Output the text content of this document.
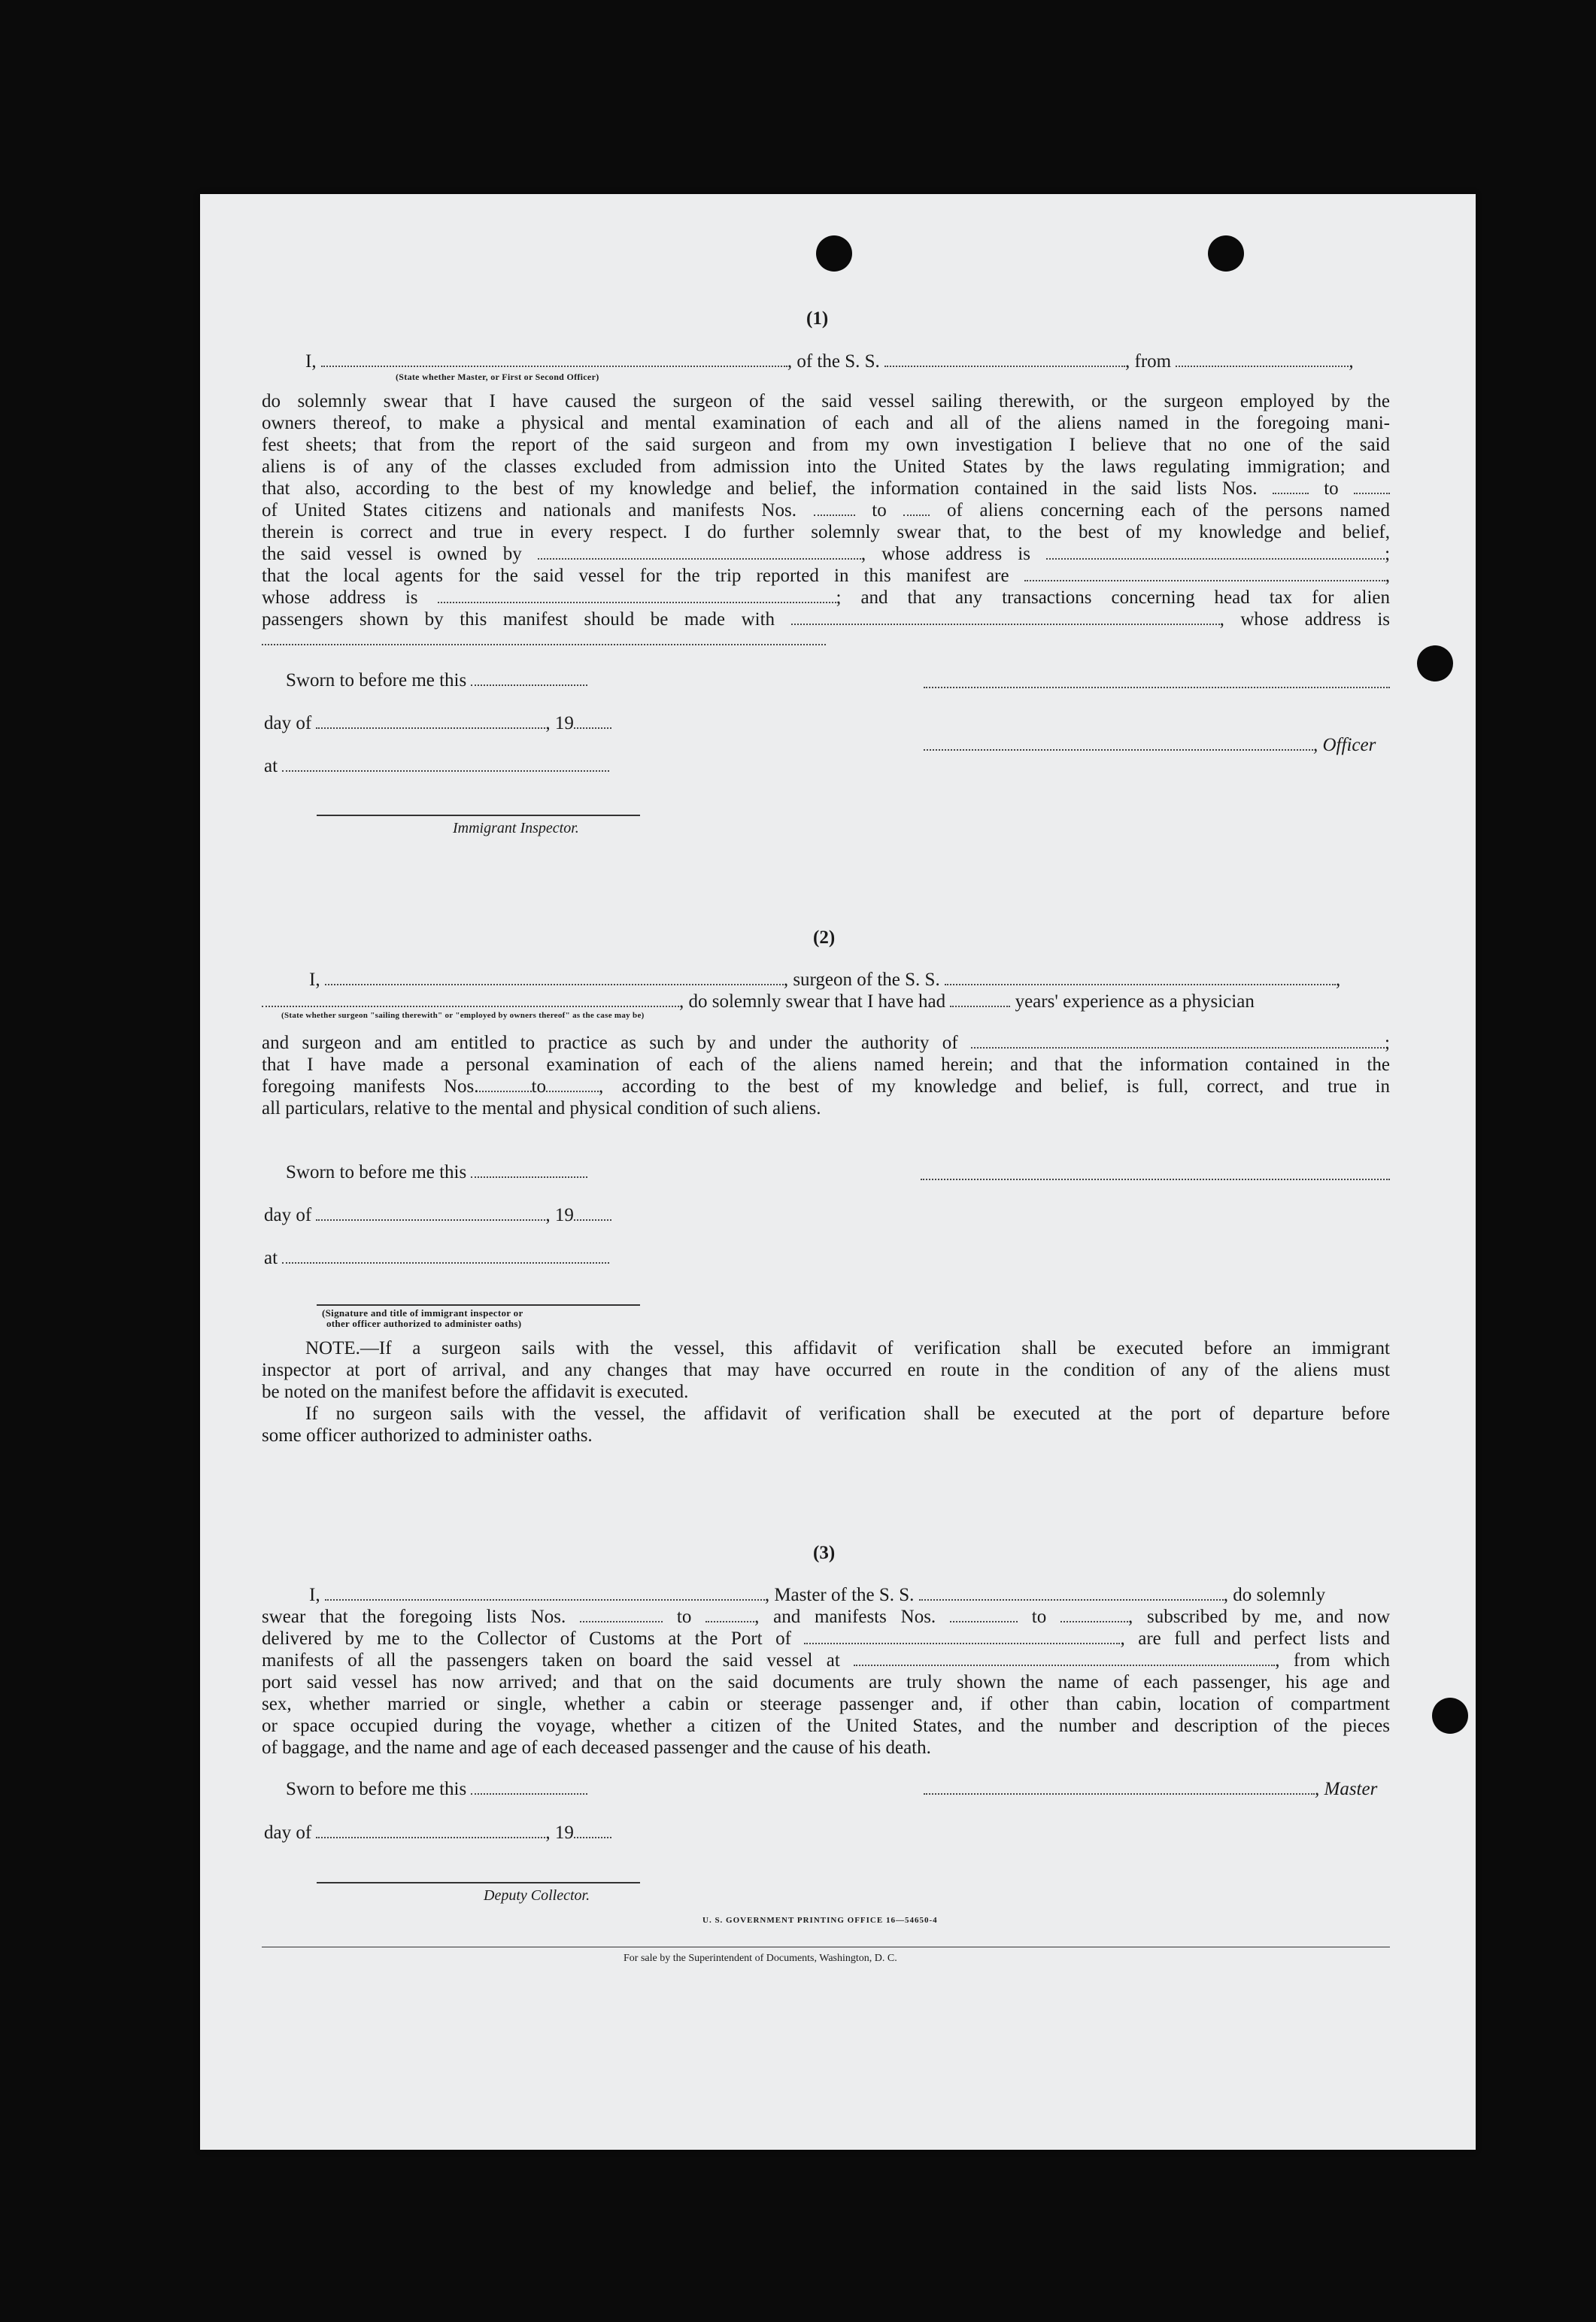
(1)
I,	, of the S. S.	, from	,
(State whether Master, or First or Second Officer)
do solemnly swear that I have caused the surgeon of the said vessel sailing therewith, or the surgeon employed by the
owners thereof, to make a physical and mental examination of each and all of the aliens named in the foregoing mani-
fest sheets; that from the report of the said surgeon and from my own investigation I believe that no one of the said
aliens is of any of the classes excluded from admission into the United States by the laws regulating immigration; and
that also, according to the best of my knowledge and belief, the information contained in the said lists Nos.	to
of United States citizens and nationals and manifests Nos.	to	of aliens concerning each of the persons named
therein is correct and true in every respect. I do further solemnly swear that, to the best of my knowledge and belief,
the said vessel is owned by	, whose address is	;
that the local agents for the said vessel for the trip reported in this manifest are	,
whose address is	; and that any transactions concerning head tax for alien
passengers shown by this manifest should be made with	, whose address is
Sworn to before me this
day of	, 19
, Officer
at
Immigrant Inspector.
(2)
I,	, surgeon of the S. S.	,
, do solemnly swear that I have had	years' experience as a physician
(State whether surgeon "sailing therewith" or "employed by owners thereof" as the case may be)
and surgeon and am entitled to practice as such by and under the authority of	;
that I have made a personal examination of each of the aliens named herein; and that the information contained in the
foregoing manifests Nos.	to	, according to the best of my knowledge and belief, is full, correct, and true in
all particulars, relative to the mental and physical condition of such aliens.
Sworn to before me this
day of	, 19
at
(Signature and title of immigrant inspector or
other officer authorized to administer oaths)
NOTE.—If a surgeon sails with the vessel, this affidavit of verification shall be executed before an immigrant
inspector at port of arrival, and any changes that may have occurred en route in the condition of any of the aliens must
be noted on the manifest before the affidavit is executed.
If no surgeon sails with the vessel, the affidavit of verification shall be executed at the port of departure before
some officer authorized to administer oaths.
(3)
I,	, Master of the S. S.	, do solemnly
swear that the foregoing lists Nos.	to	, and manifests Nos.	to	, subscribed by me, and now
delivered by me to the Collector of Customs at the Port of	, are full and perfect lists and
manifests of all the passengers taken on board the said vessel at	, from which
port said vessel has now arrived; and that on the said documents are truly shown the name of each passenger, his age and
sex, whether married or single, whether a cabin or steerage passenger and, if other than cabin, location of compartment
or space occupied during the voyage, whether a citizen of the United States, and the number and description of the pieces
of baggage, and the name and age of each deceased passenger and the cause of his death.
Sworn to before me this	, Master
day of	, 19
Deputy Collector.
U. S. GOVERNMENT PRINTING OFFICE 16—54650-4
For sale by the Superintendent of Documents, Washington, D. C.
